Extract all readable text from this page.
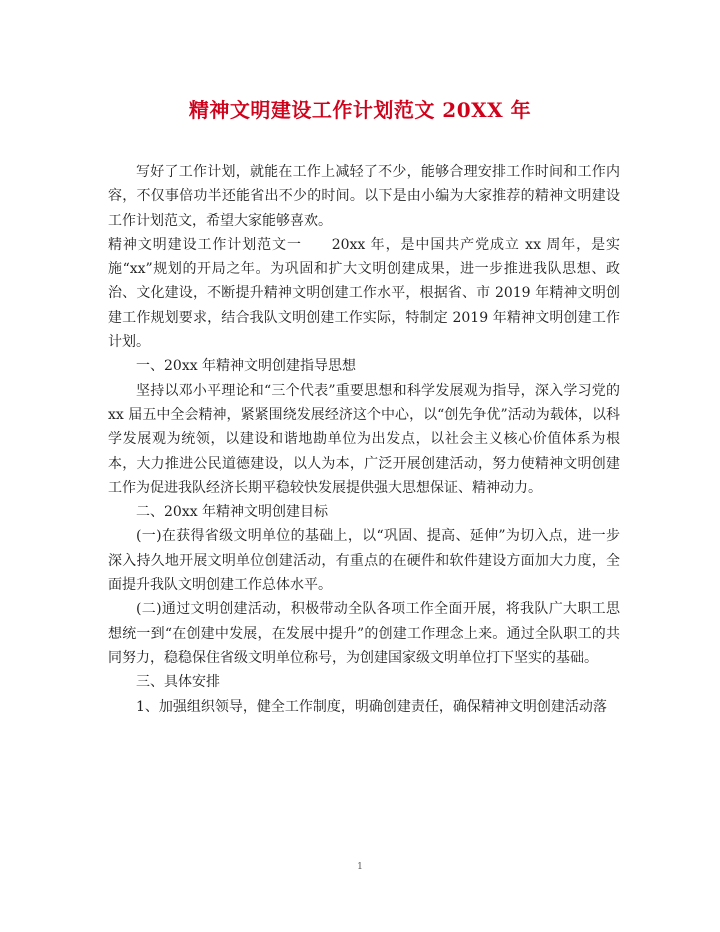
精神文明建设工作计划范文 20XX 年

写好了工作计划，就能在工作上减轻了不少，能够合理安排工作时间和工作内容，不仅事倍功半还能省出不少的时间。以下是由小编为大家推荐的精神文明建设工作计划范文，希望大家能够喜欢。

精神文明建设工作计划范文一　　20xx 年，是中国共产党成立 xx 周年，是实施“xx”规划的开局之年。为巩固和扩大文明创建成果，进一步推进我队思想、政治、文化建设，不断提升精神文明创建工作水平，根据省、市 2019 年精神文明创建工作规划要求，结合我队文明创建工作实际，特制定 2019 年精神文明创建工作计划。

一、20xx 年精神文明创建指导思想

坚持以邓小平理论和“三个代表”重要思想和科学发展观为指导，深入学习党的 xx 届五中全会精神，紧紧围绕发展经济这个中心，以“创先争优”活动为载体，以科学发展观为统领，以建设和谐地勘单位为出发点，以社会主义核心价值体系为根本，大力推进公民道德建设，以人为本，广泛开展创建活动，努力使精神文明创建工作为促进我队经济长期平稳较快发展提供强大思想保证、精神动力。

二、20xx 年精神文明创建目标

(一)在获得省级文明单位的基础上，以“巩固、提高、延伸”为切入点，进一步深入持久地开展文明单位创建活动，有重点的在硬件和软件建设方面加大力度，全面提升我队文明创建工作总体水平。

(二)通过文明创建活动，积极带动全队各项工作全面开展，将我队广大职工思想统一到“在创建中发展，在发展中提升”的创建工作理念上来。通过全队职工的共同努力，稳稳保住省级文明单位称号，为创建国家级文明单位打下坚实的基础。

三、具体安排

1、加强组织领导，健全工作制度，明确创建责任，确保精神文明创建活动落

1
